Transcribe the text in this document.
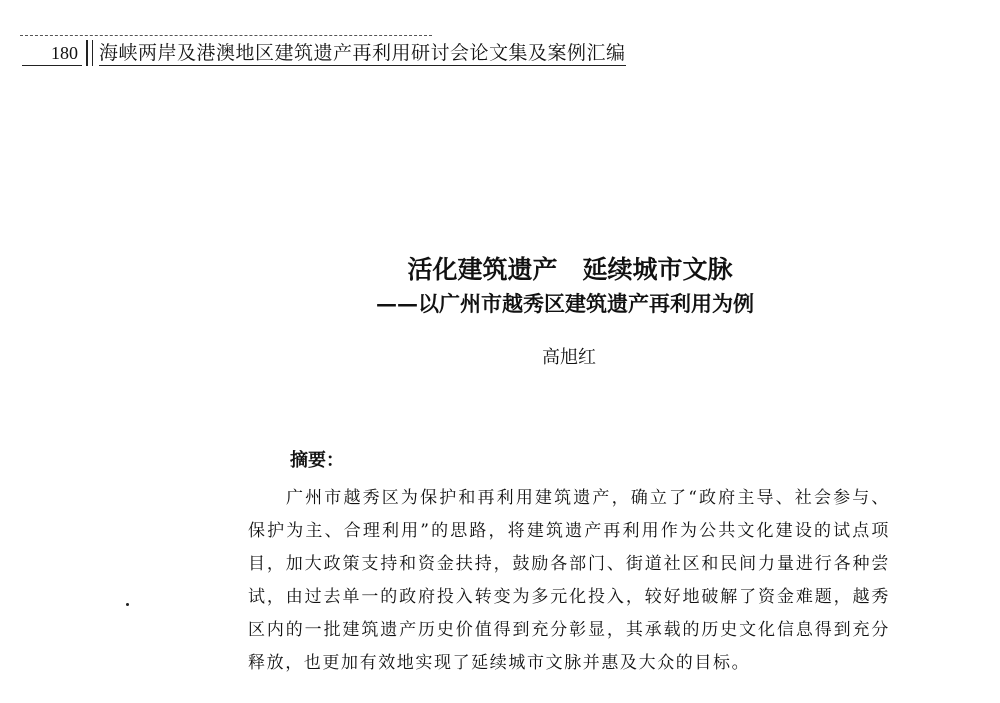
180 海峡两岸及港澳地区建筑遗产再利用研讨会论文集及案例汇编
活化建筑遗产　延续城市文脉
——以广州市越秀区建筑遗产再利用为例
高旭红
摘要：

广州市越秀区为保护和再利用建筑遗产，确立了“政府主导、社会参与、保护为主、合理利用”的思路，将建筑遗产再利用作为公共文化建设的试点项目，加大政策支持和资金扶持，鼓励各部门、街道社区和民间力量进行各种尝试，由过去单一的政府投入转变为多元化投入，较好地破解了资金难题，越秀区内的一批建筑遗产历史价值得到充分彰显，其承载的历史文化信息得到充分释放，也更加有效地实现了延续城市文脉并惠及大众的目标。
